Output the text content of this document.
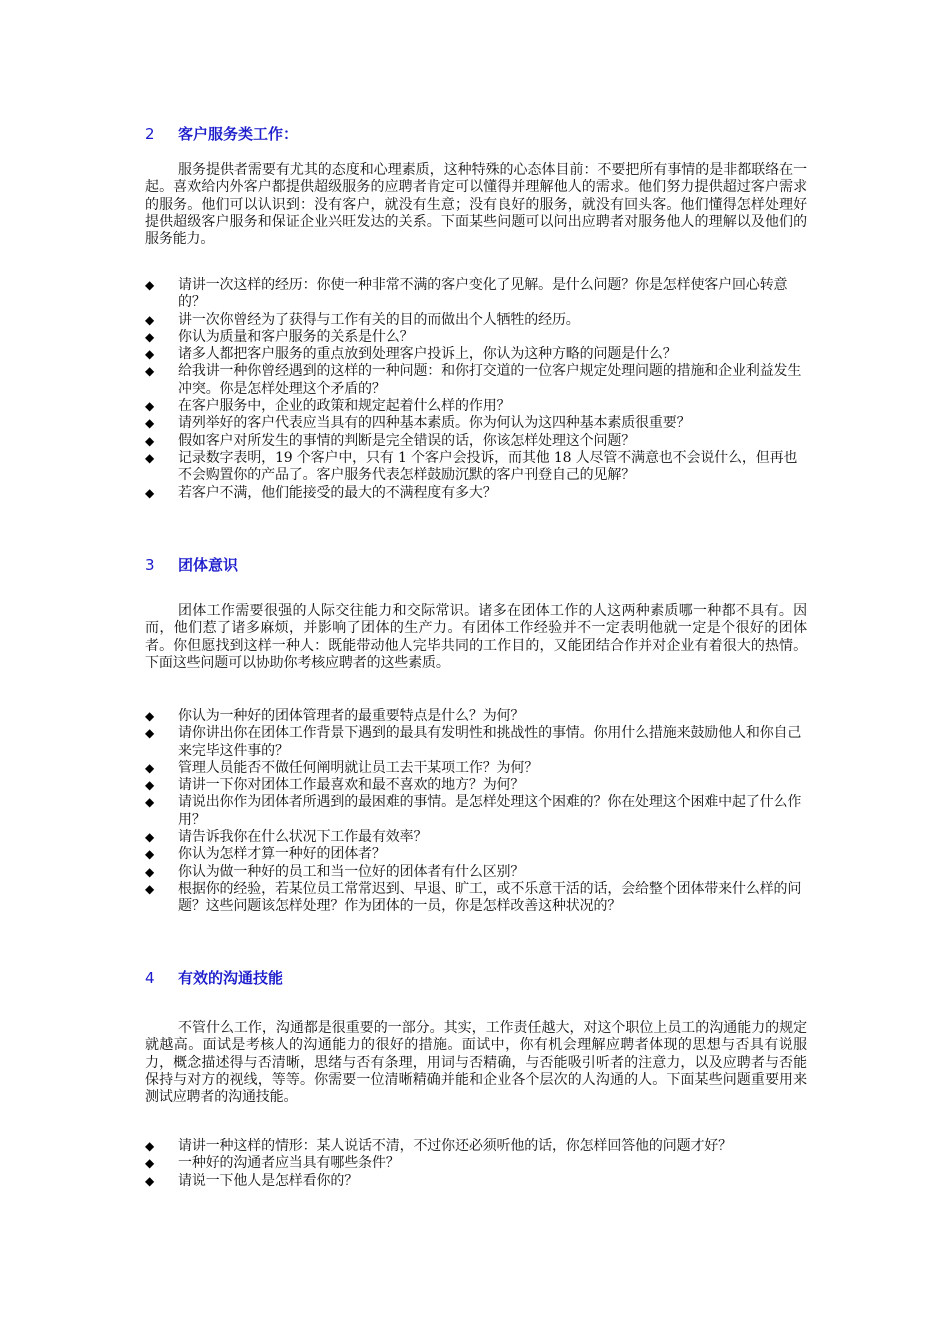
2 客户服务类工作：

服务提供者需要有尤其的态度和心理素质，这种特殊的心态体目前：不要把所有事情的是非都联络在一起。喜欢给内外客户都提供超级服务的应聘者肯定可以懂得并理解他人的需求。他们努力提供超过客户需求的服务。他们可以认识到：没有客户，就没有生意；没有良好的服务，就没有回头客。他们懂得怎样处理好提供超级客户服务和保证企业兴旺发达的关系。下面某些问题可以问出应聘者对服务他人的理解以及他们的服务能力。

◆ 请讲一次这样的经历：你使一种非常不满的客户变化了见解。是什么问题？你是怎样使客户回心转意的？
◆ 讲一次你曾经为了获得与工作有关的目的而做出个人牺牲的经历。
◆ 你认为质量和客户服务的关系是什么？
◆ 诸多人都把客户服务的重点放到处理客户投诉上，你认为这种方略的问题是什么？
◆ 给我讲一种你曾经遇到的这样的一种问题：和你打交道的一位客户规定处理问题的措施和企业利益发生冲突。你是怎样处理这个矛盾的？
◆ 在客户服务中，企业的政策和规定起着什么样的作用？
◆ 请列举好的客户代表应当具有的四种基本素质。你为何认为这四种基本素质很重要？
◆ 假如客户对所发生的事情的判断是完全错误的话，你该怎样处理这个问题？
◆ 记录数字表明，19 个客户中，只有 1 个客户会投诉，而其他 18 人尽管不满意也不会说什么，但再也不会购置你的产品了。客户服务代表怎样鼓励沉默的客户刊登自己的见解？
◆ 若客户不满，他们能接受的最大的不满程度有多大？
3 团体意识

团体工作需要很强的人际交往能力和交际常识。诸多在团体工作的人这两种素质哪一种都不具有。因而，他们惹了诸多麻烦，并影响了团体的生产力。有团体工作经验并不一定表明他就一定是个很好的团体者。你但愿找到这样一种人：既能带动他人完毕共同的工作目的，又能团结合作并对企业有着很大的热情。下面这些问题可以协助你考核应聘者的这些素质。

◆ 你认为一种好的团体管理者的最重要特点是什么？为何？
◆ 请你讲出你在团体工作背景下遇到的最具有发明性和挑战性的事情。你用什么措施来鼓励他人和你自己来完毕这件事的？
◆ 管理人员能否不做任何阐明就让员工去干某项工作？为何？
◆ 请讲一下你对团体工作最喜欢和最不喜欢的地方？为何？
◆ 请说出你作为团体者所遇到的最困难的事情。是怎样处理这个困难的？你在处理这个困难中起了什么作用？
◆ 请告诉我你在什么状况下工作最有效率？
◆ 你认为怎样才算一种好的团体者？
◆ 你认为做一种好的员工和当一位好的团体者有什么区别？
◆ 根据你的经验，若某位员工常常迟到、早退、旷工，或不乐意干活的话，会给整个团体带来什么样的问题？这些问题该怎样处理？作为团体的一员，你是怎样改善这种状况的？
4 有效的沟通技能

不管什么工作，沟通都是很重要的一部分。其实，工作责任越大，对这个职位上员工的沟通能力的规定就越高。面试是考核人的沟通能力的很好的措施。面试中，你有机会理解应聘者体现的思想与否具有说服力，概念描述得与否清晰，思绪与否有条理，用词与否精确，与否能吸引听者的注意力，以及应聘者与否能保持与对方的视线，等等。你需要一位清晰精确并能和企业各个层次的人沟通的人。下面某些问题重要用来测试应聘者的沟通技能。

◆ 请讲一种这样的情形：某人说话不清，不过你还必须听他的话，你怎样回答他的问题才好？
◆ 一种好的沟通者应当具有哪些条件？
◆ 请说一下他人是怎样看你的？
